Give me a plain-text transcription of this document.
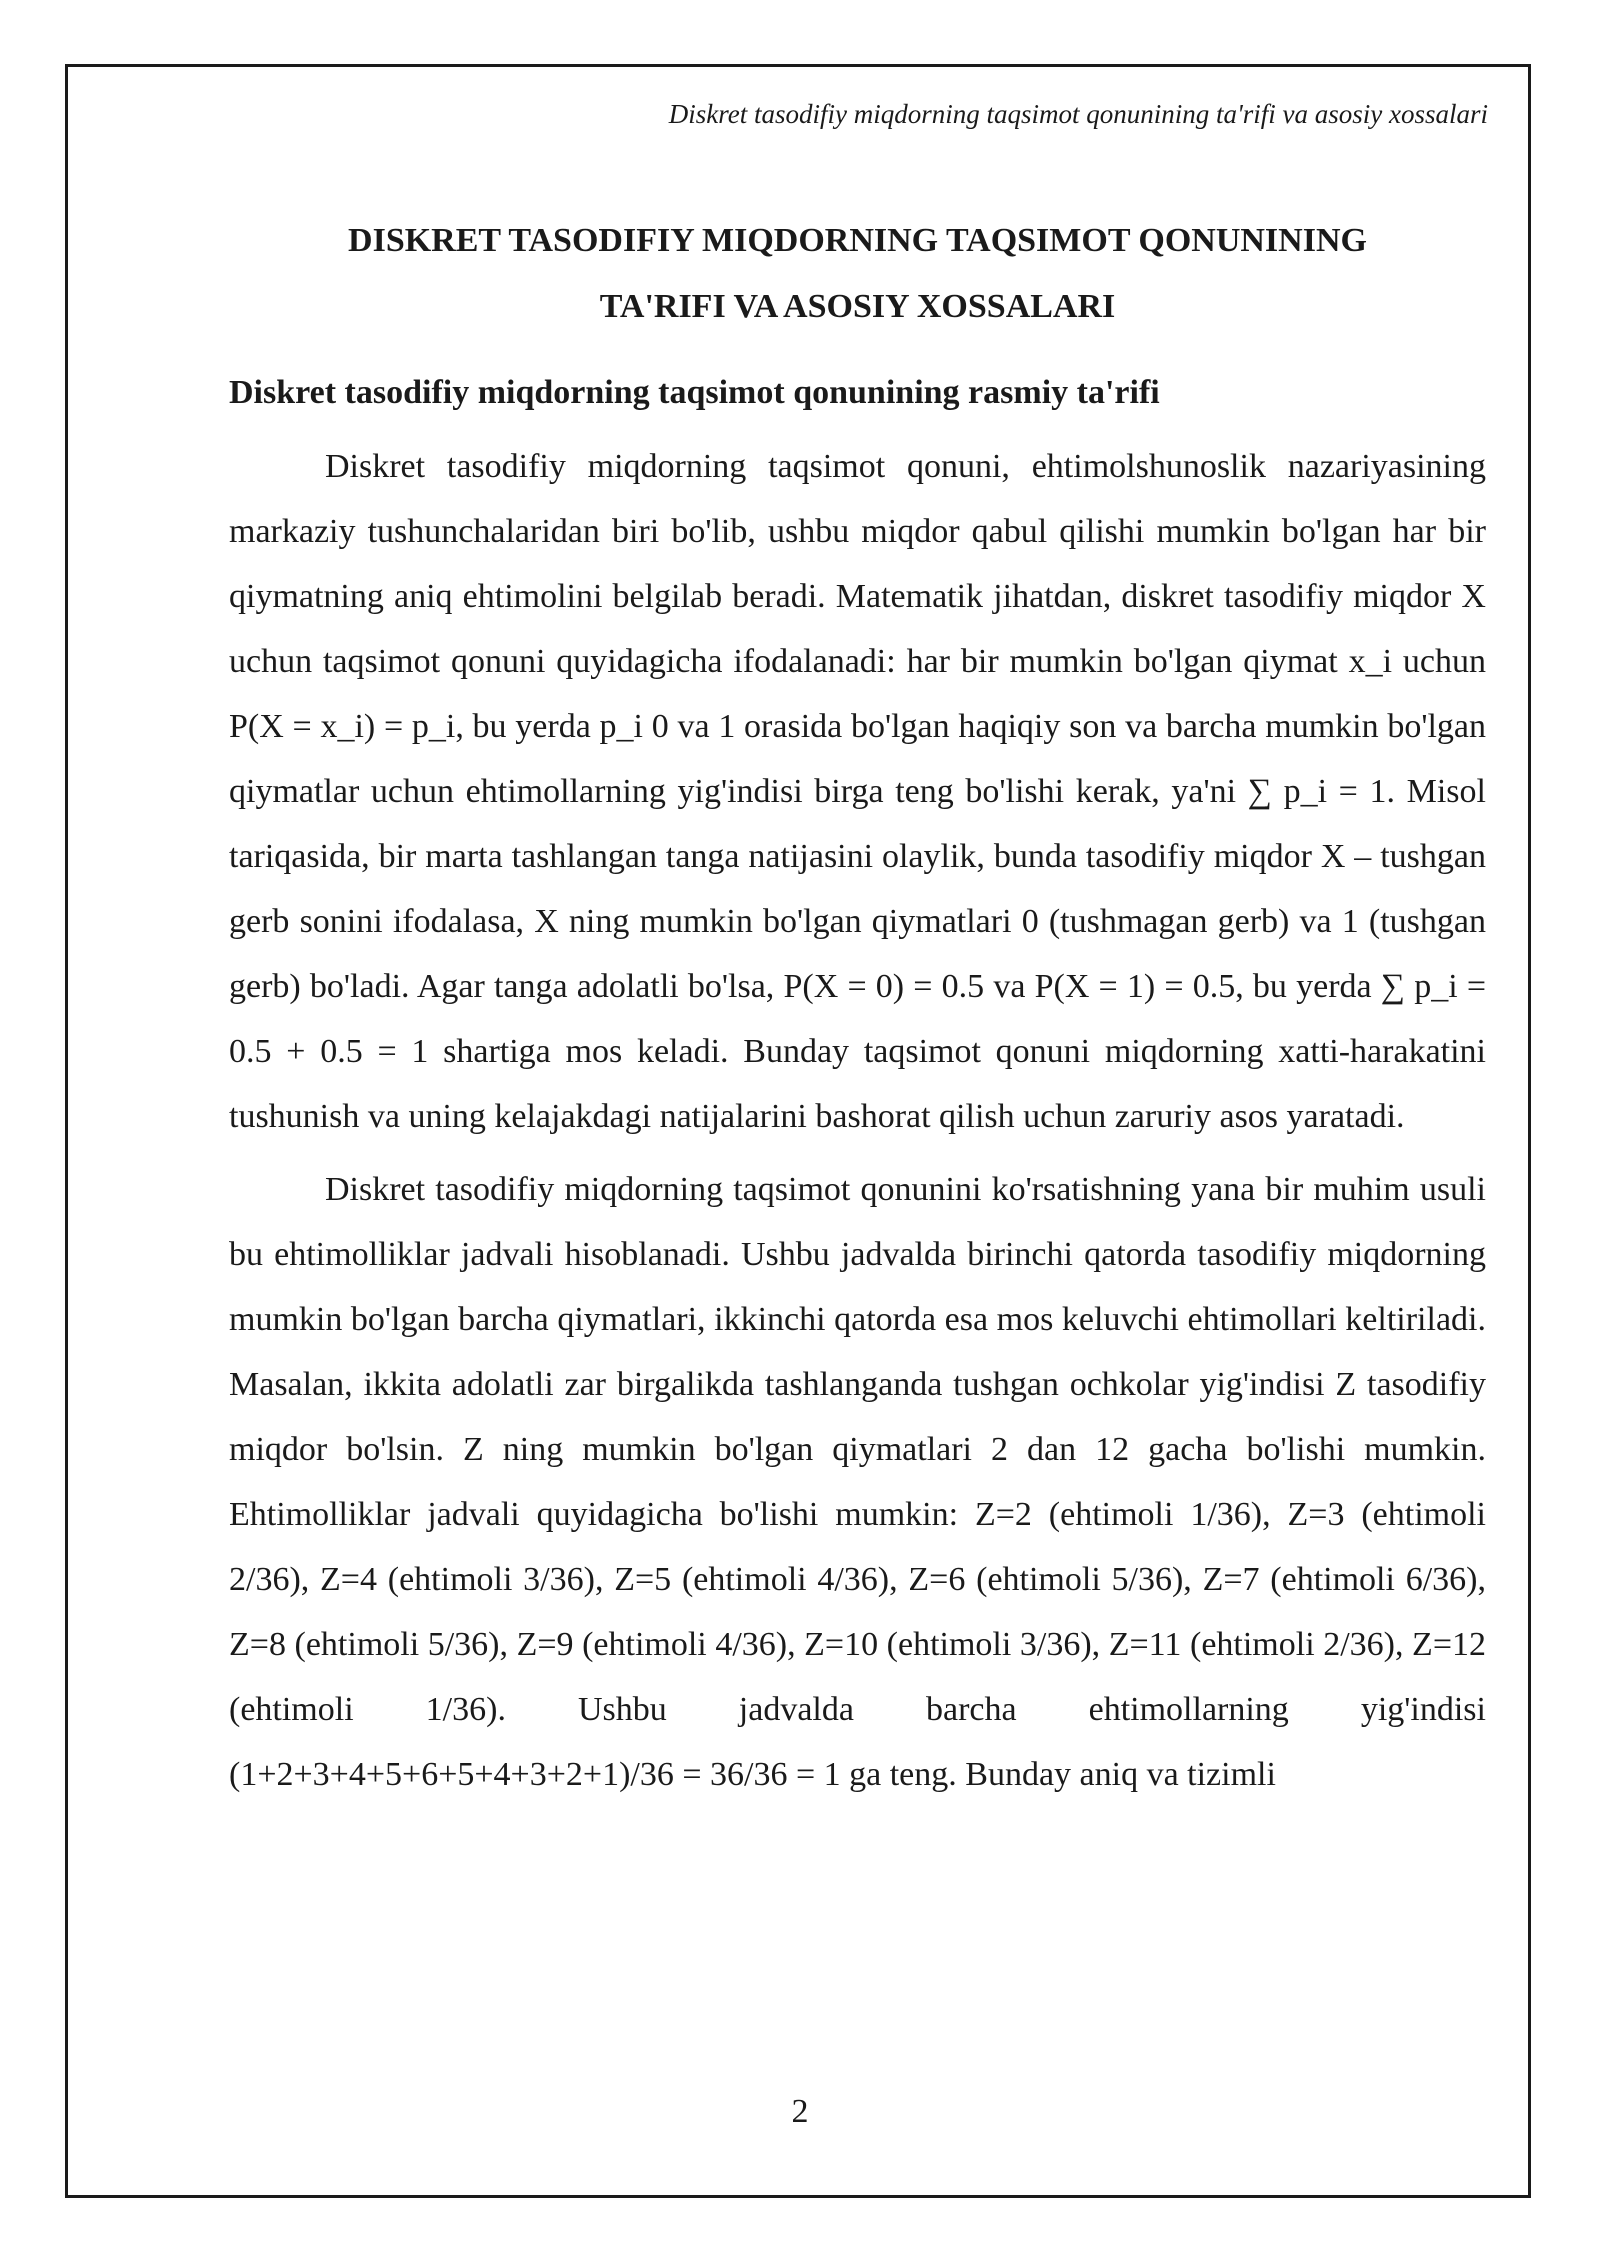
Diskret tasodifiy miqdorning taqsimot qonunining ta'rifi va asosiy xossalari
DISKRET TASODIFIY MIQDORNING TAQSIMOT QONUNINING
TA'RIFI VA ASOSIY XOSSALARI
Diskret tasodifiy miqdorning taqsimot qonunining rasmiy ta'rifi

Diskret tasodifiy miqdorning taqsimot qonuni, ehtimolshunoslik nazariyasining markaziy tushunchalaridan biri bo'lib, ushbu miqdor qabul qilishi mumkin bo'lgan har bir qiymatning aniq ehtimolini belgilab beradi. Matematik jihatdan, diskret tasodifiy miqdor X uchun taqsimot qonuni quyidagicha ifodalanadi: har bir mumkin bo'lgan qiymat x_i uchun P(X = x_i) = p_i, bu yerda p_i 0 va 1 orasida bo'lgan haqiqiy son va barcha mumkin bo'lgan qiymatlar uchun ehtimollarning yig'indisi birga teng bo'lishi kerak, ya'ni ∑ p_i = 1. Misol tariqasida, bir marta tashlangan tanga natijasini olaylik, bunda tasodifiy miqdor X – tushgan gerb sonini ifodalasa, X ning mumkin bo'lgan qiymatlari 0 (tushmagan gerb) va 1 (tushgan gerb) bo'ladi. Agar tanga adolatli bo'lsa, P(X = 0) = 0.5 va P(X = 1) = 0.5, bu yerda ∑ p_i = 0.5 + 0.5 = 1 shartiga mos keladi. Bunday taqsimot qonuni miqdorning xatti-harakatini tushunish va uning kelajakdagi natijalarini bashorat qilish uchun zaruriy asos yaratadi.

Diskret tasodifiy miqdorning taqsimot qonunini ko'rsatishning yana bir muhim usuli bu ehtimolliklar jadvali hisoblanadi. Ushbu jadvalda birinchi qatorda tasodifiy miqdorning mumkin bo'lgan barcha qiymatlari, ikkinchi qatorda esa mos keluvchi ehtimollari keltiriladi. Masalan, ikkita adolatli zar birgalikda tashlanganda tushgan ochkolar yig'indisi Z tasodifiy miqdor bo'lsin. Z ning mumkin bo'lgan qiymatlari 2 dan 12 gacha bo'lishi mumkin. Ehtimolliklar jadvali quyidagicha bo'lishi mumkin: Z=2 (ehtimoli 1/36), Z=3 (ehtimoli 2/36), Z=4 (ehtimoli 3/36), Z=5 (ehtimoli 4/36), Z=6 (ehtimoli 5/36), Z=7 (ehtimoli 6/36), Z=8 (ehtimoli 5/36), Z=9 (ehtimoli 4/36), Z=10 (ehtimoli 3/36), Z=11 (ehtimoli 2/36), Z=12 (ehtimoli 1/36). Ushbu jadvalda barcha ehtimollarning yig'indisi (1+2+3+4+5+6+5+4+3+2+1)/36 = 36/36 = 1 ga teng. Bunday aniq va tizimli

2
